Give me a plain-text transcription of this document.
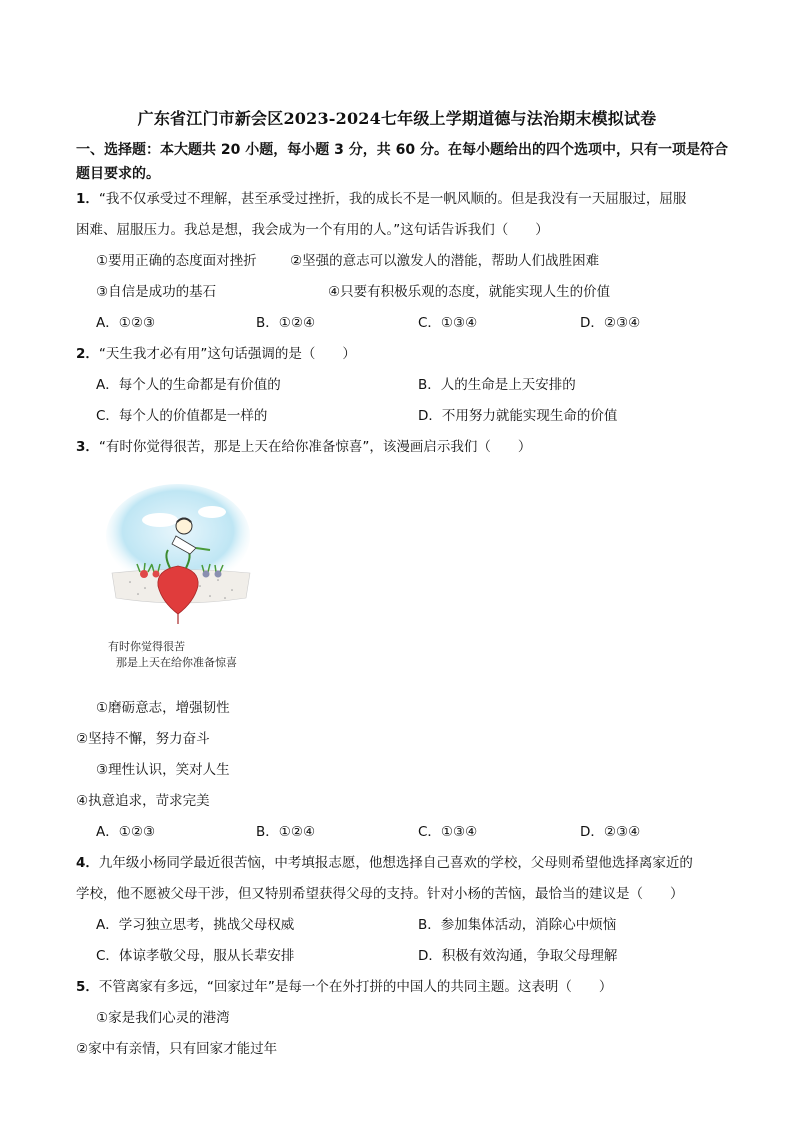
广东省江门市新会区2023-2024七年级上学期道德与法治期末模拟试卷
一、选择题：本大题共 20 小题，每小题 3 分，共 60 分。在每小题给出的四个选项中，只有一项是符合题目要求的。
1．“我不仅承受过不理解，甚至承受过挫折，我的成长不是一帆风顺的。但是我没有一天屈服过，屈服
困难、屈服压力。我总是想，我会成为一个有用的人。”这句话告诉我们（　　）
①要用正确的态度面对挫折 ②坚强的意志可以激发人的潜能，帮助人们战胜困难
③自信是成功的基石	④只要有积极乐观的态度，就能实现人生的价值
A．①②③	B．①②④	C．①③④	D．②③④
2．“天生我才必有用”这句话强调的是（　　）
A．每个人的生命都是有价值的	B．人的生命是上天安排的
C．每个人的价值都是一样的	D．不用努力就能实现生命的价值
3．“有时你觉得很苦，那是上天在给你准备惊喜”，该漫画启示我们（　　）
有时你觉得很苦
那是上天在给你准备惊喜
①磨砺意志，增强韧性
②坚持不懈，努力奋斗
③理性认识，笑对人生
④执意追求，苛求完美
A．①②③	B．①②④	C．①③④	D．②③④
4．九年级小杨同学最近很苦恼，中考填报志愿，他想选择自己喜欢的学校，父母则希望他选择离家近的
学校，他不愿被父母干涉，但又特别希望获得父母的支持。针对小杨的苦恼，最恰当的建议是（　　）
A．学习独立思考，挑战父母权威	B．参加集体活动，消除心中烦恼
C．体谅孝敬父母，服从长辈安排	D．积极有效沟通，争取父母理解
5．不管离家有多远，“回家过年”是每一个在外打拼的中国人的共同主题。这表明（　　）
①家是我们心灵的港湾
②家中有亲情，只有回家才能过年
